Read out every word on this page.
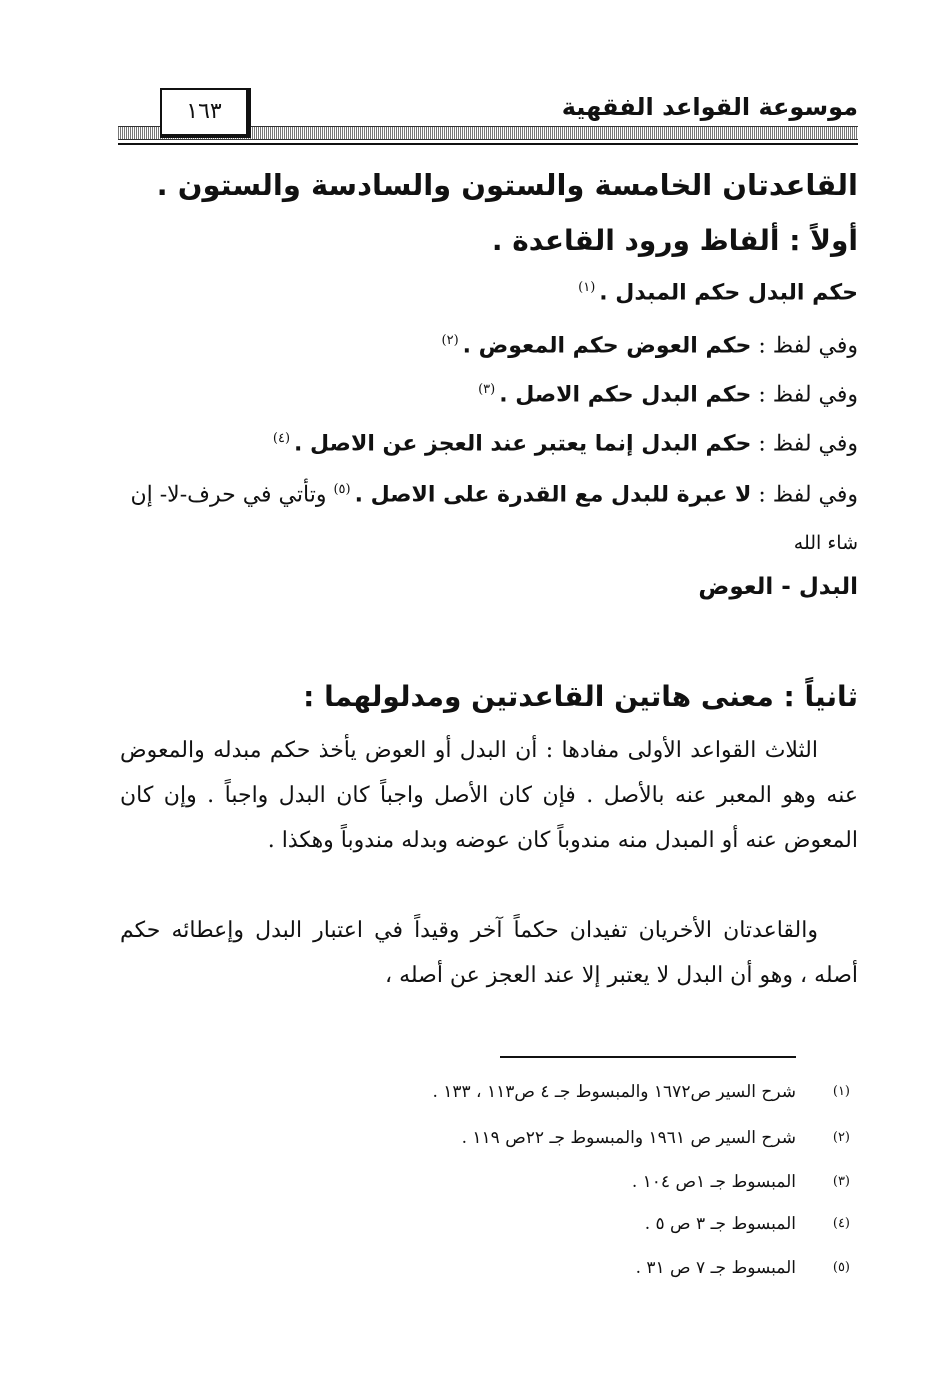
موسوعة القواعد الفقهية
١٦٣
القاعدتان الخامسة والستون والسادسة والستون .
أولاً : ألفاظ ورود القاعدة .
حكم البدل حكم المبدل .$^{(١)}$
وفي لفظ : حكم العوض حكم المعوض .$^{(٢)}$
وفي لفظ : حكم البدل حكم الاصل .$^{(٣)}$
وفي لفظ : حكم البدل إنما يعتبر عند العجز عن الاصل .$^{(٤)}$
وفي لفظ : لا عبرة للبدل مع القدرة على الاصل .$^{(٥)}$ وتأتي في حرف-لا- إن
شاء الله
البدل - العوض
ثانياً : معنى هاتين القاعدتين ومدلولهما :
الثلاث القواعد الأولى مفادها : أن البدل أو العوض يأخذ حكم مبدله والمعوض عنه وهو المعبر عنه بالأصل . فإن كان الأصل واجباً كان البدل واجباً . وإن كان المعوض عنه أو المبدل منه مندوباً كان عوضه وبدله مندوباً وهكذا .
والقاعدتان الأخريان تفيدان حكماً آخر وقيداً في اعتبار البدل وإعطائه حكم أصله ، وهو أن البدل لا يعتبر إلا عند العجز عن أصله ،
(١)شرح السير ص١٦٧٢ والمبسوط جـ ٤ ص١١٣ ، ١٣٣ .
(٢)شرح السير ص ١٩٦١ والمبسوط جـ ٢٢ص ١١٩ .
(٣)المبسوط جـ ١ص ١٠٤ .
(٤)المبسوط جـ ٣ ص ٥ .
(٥)المبسوط جـ ٧ ص ٣١ .
